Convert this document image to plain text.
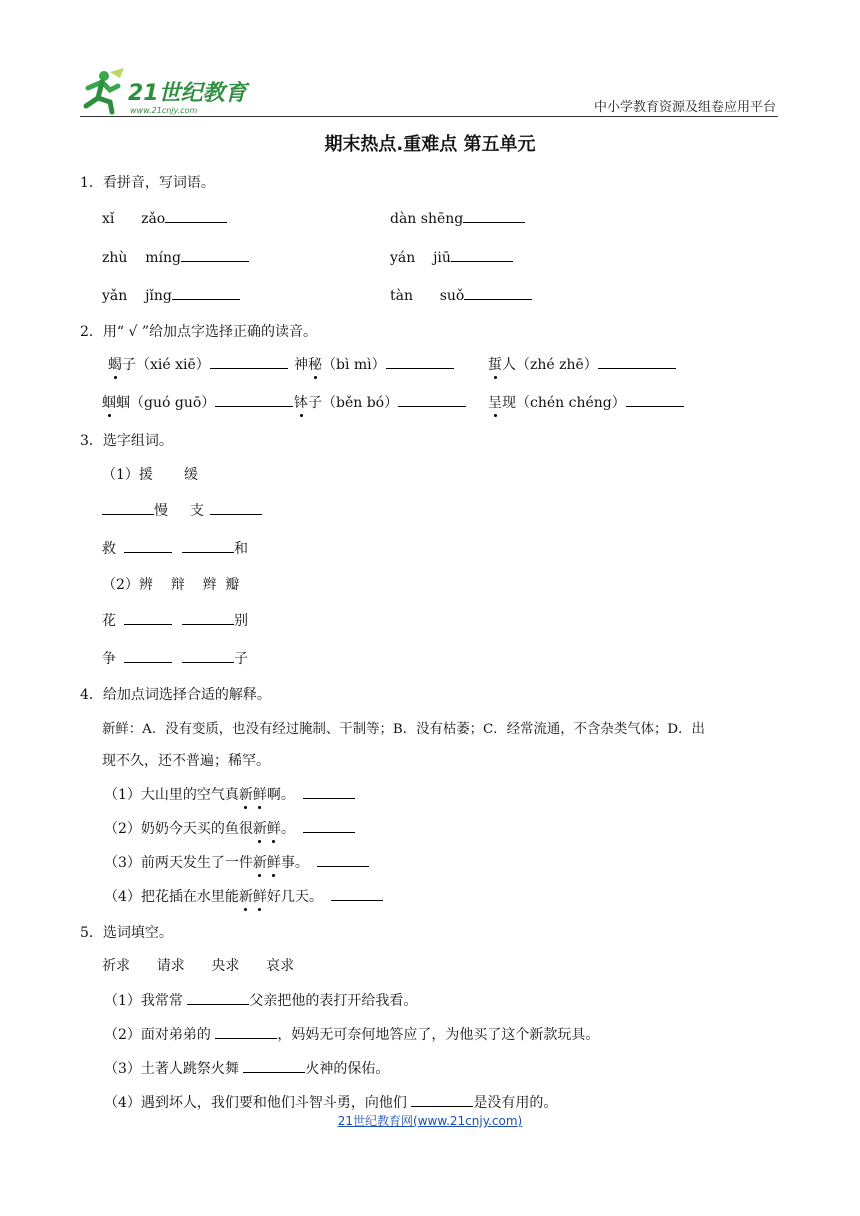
21世纪教育
www.21cnjy.com	中小学教育资源及组卷应用平台
期末热点.重难点 第五单元
1．看拼音，写词语。
xǐ      zǎo	dàn shēng
zhù    míng	yán    jiū
yǎn    jǐng	tàn      suǒ
2．用“ √ ”给加点字选择正确的读音。
蝎子（xié xiē）	神秘（bì mì）	蜇人（zhé zhē）
蝈蝈（guó guō）	钵子（běn bó）	呈现（chén chéng）
3．选字组词。
（1）援       缓
慢 支
救	和
（2）辨    辩    辫  瓣
花	别
争	子
4．给加点词选择合适的解释。
新鲜：A．没有变质，也没有经过腌制、干制等；B．没有枯萎；C．经常流通，不含杂类气体；D．出
现不久，还不普遍；稀罕。
（1）大山里的空气真新鲜啊。
（2）奶奶今天买的鱼很新鲜。
（3）前两天发生了一件新鲜事。
（4）把花插在水里能新鲜好几天。
5．选词填空。
祈求      请求      央求      哀求
（1）我常常	父亲把他的表打开给我看。
（2）面对弟弟的	，妈妈无可奈何地答应了，为他买了这个新款玩具。
（3）土著人跳祭火舞	火神的保佑。
（4）遇到坏人，我们要和他们斗智斗勇，向他们	是没有用的。
21世纪教育网(www.21cnjy.com)
